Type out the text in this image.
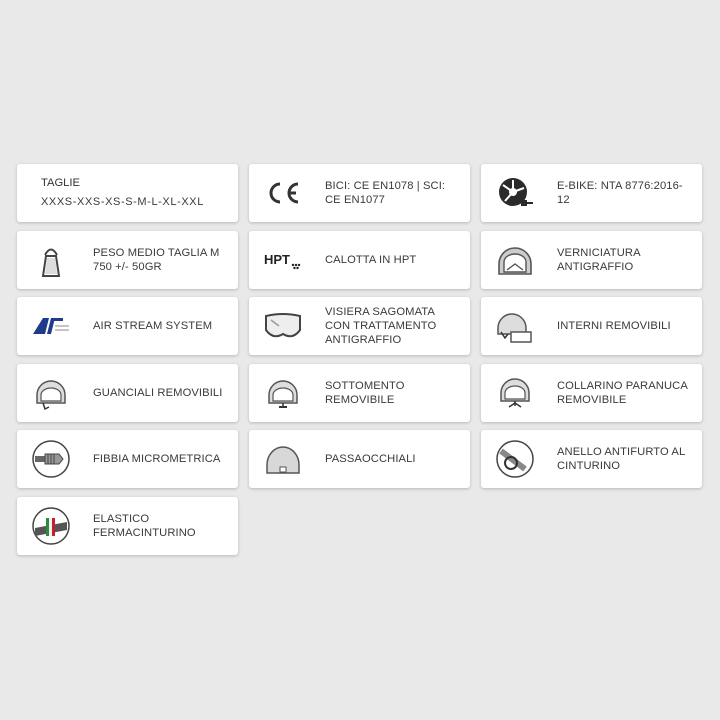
TAGLIE
XXXS-XXS-XS-S-M-L-XL-XXL
BICI: CE EN1078 | SCI: CE EN1077
E-BIKE: NTA 8776:2016-12
PESO MEDIO TAGLIA M 750 +/- 50GR	HPT	CALOTTA IN HPT
VERNICIATURA ANTIGRAFFIO
AIR STREAM SYSTEM
VISIERA SAGOMATA CON TRATTAMENTO ANTIGRAFFIO
INTERNI REMOVIBILI
GUANCIALI REMOVIBILI
SOTTOMENTO REMOVIBILE
COLLARINO PARANUCA REMOVIBILE
FIBBIA MICROMETRICA	PASSAOCCHIALI
ANELLO ANTIFURTO AL CINTURINO
ELASTICO FERMACINTURINO
